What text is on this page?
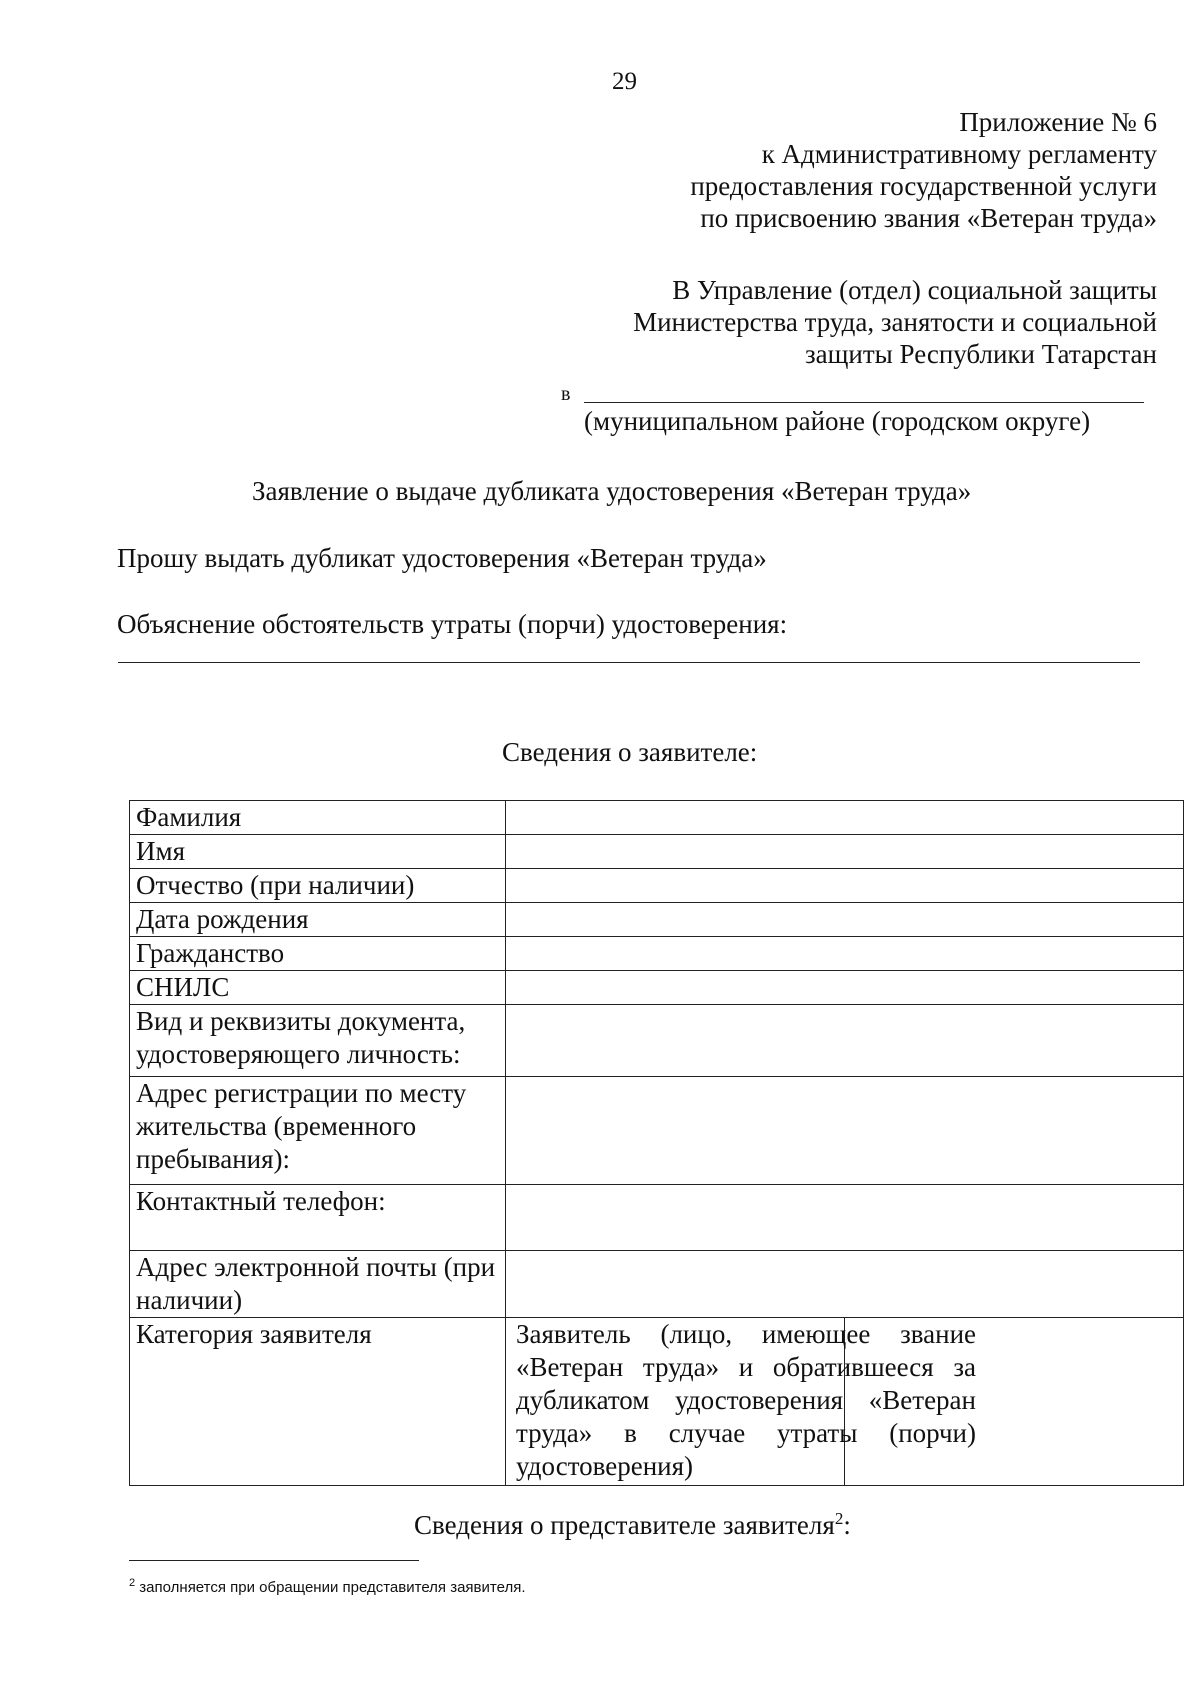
29
Приложение № 6
к Административному регламенту
предоставления государственной услуги
по присвоению звания «Ветеран труда»
В Управление (отдел) социальной защиты
Министерства труда, занятости и социальной
защиты Республики Татарстан
в
(муниципальном районе (городском округе)
Заявление о выдаче дубликата удостоверения «Ветеран труда»
Прошу выдать дубликат удостоверения «Ветеран труда»
Объяснение обстоятельств утраты (порчи) удостоверения:
Сведения о заявителе:
Фамилия		
Имя		
Отчество (при наличии)		
Дата рождения		
Гражданство		
СНИЛС		
Вид и реквизиты документа, удостоверяющего личность:		
Адрес регистрации по месту жительства (временного пребывания):		
Контактный телефон:		
Адрес электронной почты (при наличии)		
Категория заявителя	Заявитель (лицо, имеющее звание «Ветеран труда» и обратившееся за дубликатом удостоверения «Ветеран труда» в случае утраты (порчи) удостоверения)	
Сведения о представителе заявителя$^2$:
$^2$ заполняется при обращении представителя заявителя.
